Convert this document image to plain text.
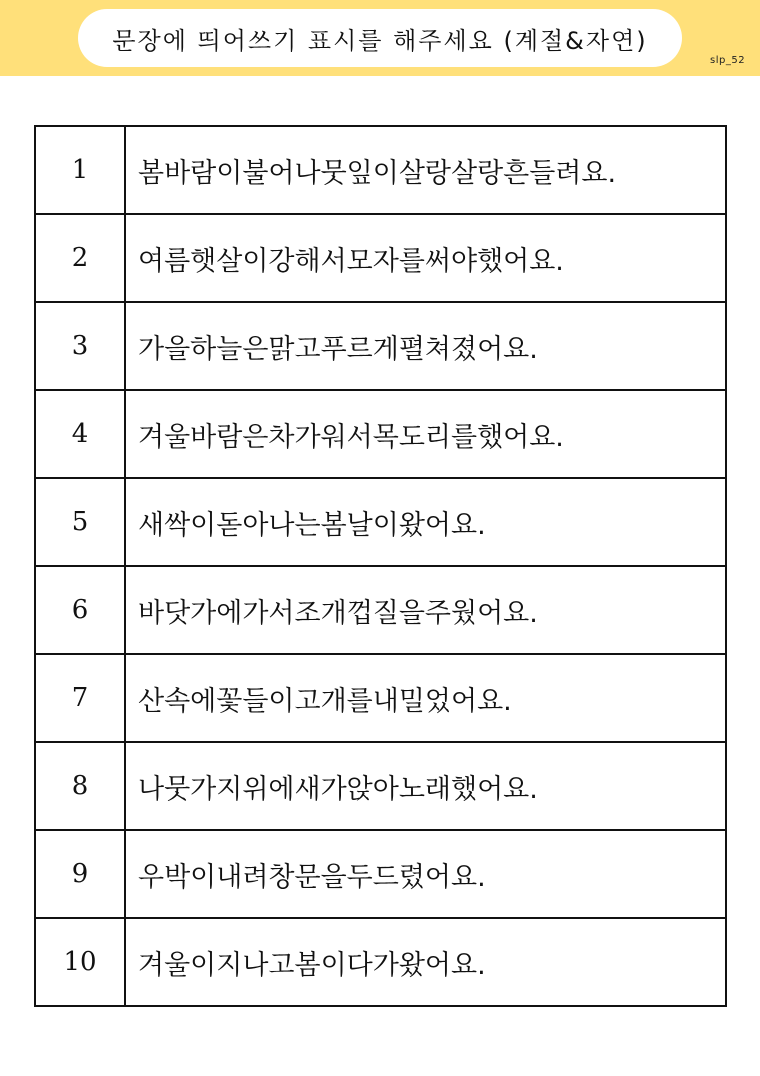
문장에 띄어쓰기 표시를 해주세요 (계절&자연)
slp_52
1	봄바람이불어나뭇잎이살랑살랑흔들려요.
2	여름햇살이강해서모자를써야했어요.
3	가을하늘은맑고푸르게펼쳐졌어요.
4	겨울바람은차가워서목도리를했어요.
5	새싹이돋아나는봄날이왔어요.
6	바닷가에가서조개껍질을주웠어요.
7	산속에꽃들이고개를내밀었어요.
8	나뭇가지위에새가앉아노래했어요.
9	우박이내려창문을두드렸어요.
10	겨울이지나고봄이다가왔어요.
